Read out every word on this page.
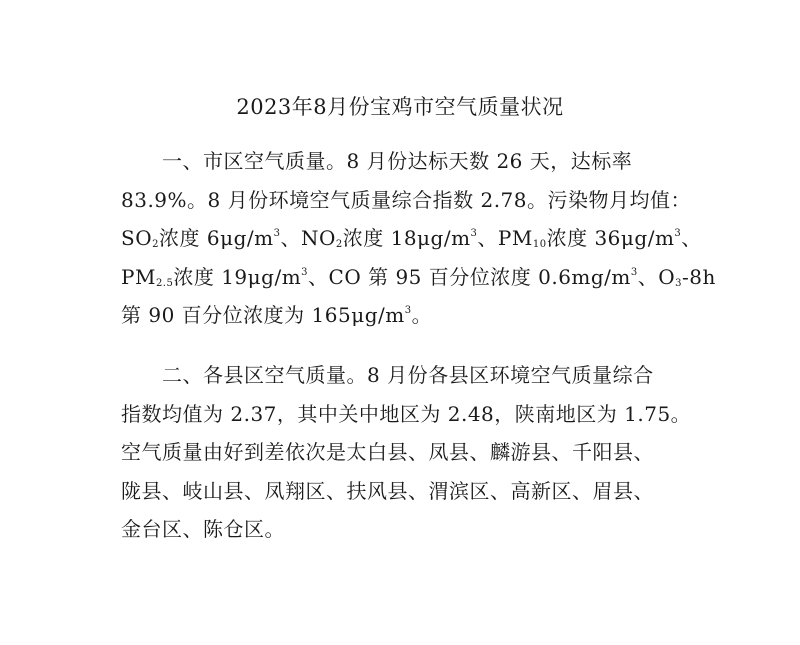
2023年8月份宝鸡市空气质量状况
一、市区空气质量。8 月份达标天数 26 天，达标率
83.9%。8 月份环境空气质量综合指数 2.78。污染物月均值：
$SO_2$浓度 $6\mu g/m^3$、$NO_2$浓度 $18\mu g/m^3$、$PM_{10}$浓度 $36\mu g/m^3$、
$PM_{2.5}$浓度 $19\mu g/m^3$、CO 第 95 百分位浓度 $0.6mg/m^3$、$O_3-8h$
第 90 百分位浓度为 $165\mu g/m^3$。
二、各县区空气质量。8 月份各县区环境空气质量综合
指数均值为 2.37，其中关中地区为 2.48，陕南地区为 1.75。
空气质量由好到差依次是太白县、凤县、麟游县、千阳县、
陇县、岐山县、凤翔区、扶风县、渭滨区、高新区、眉县、
金台区、陈仓区。
